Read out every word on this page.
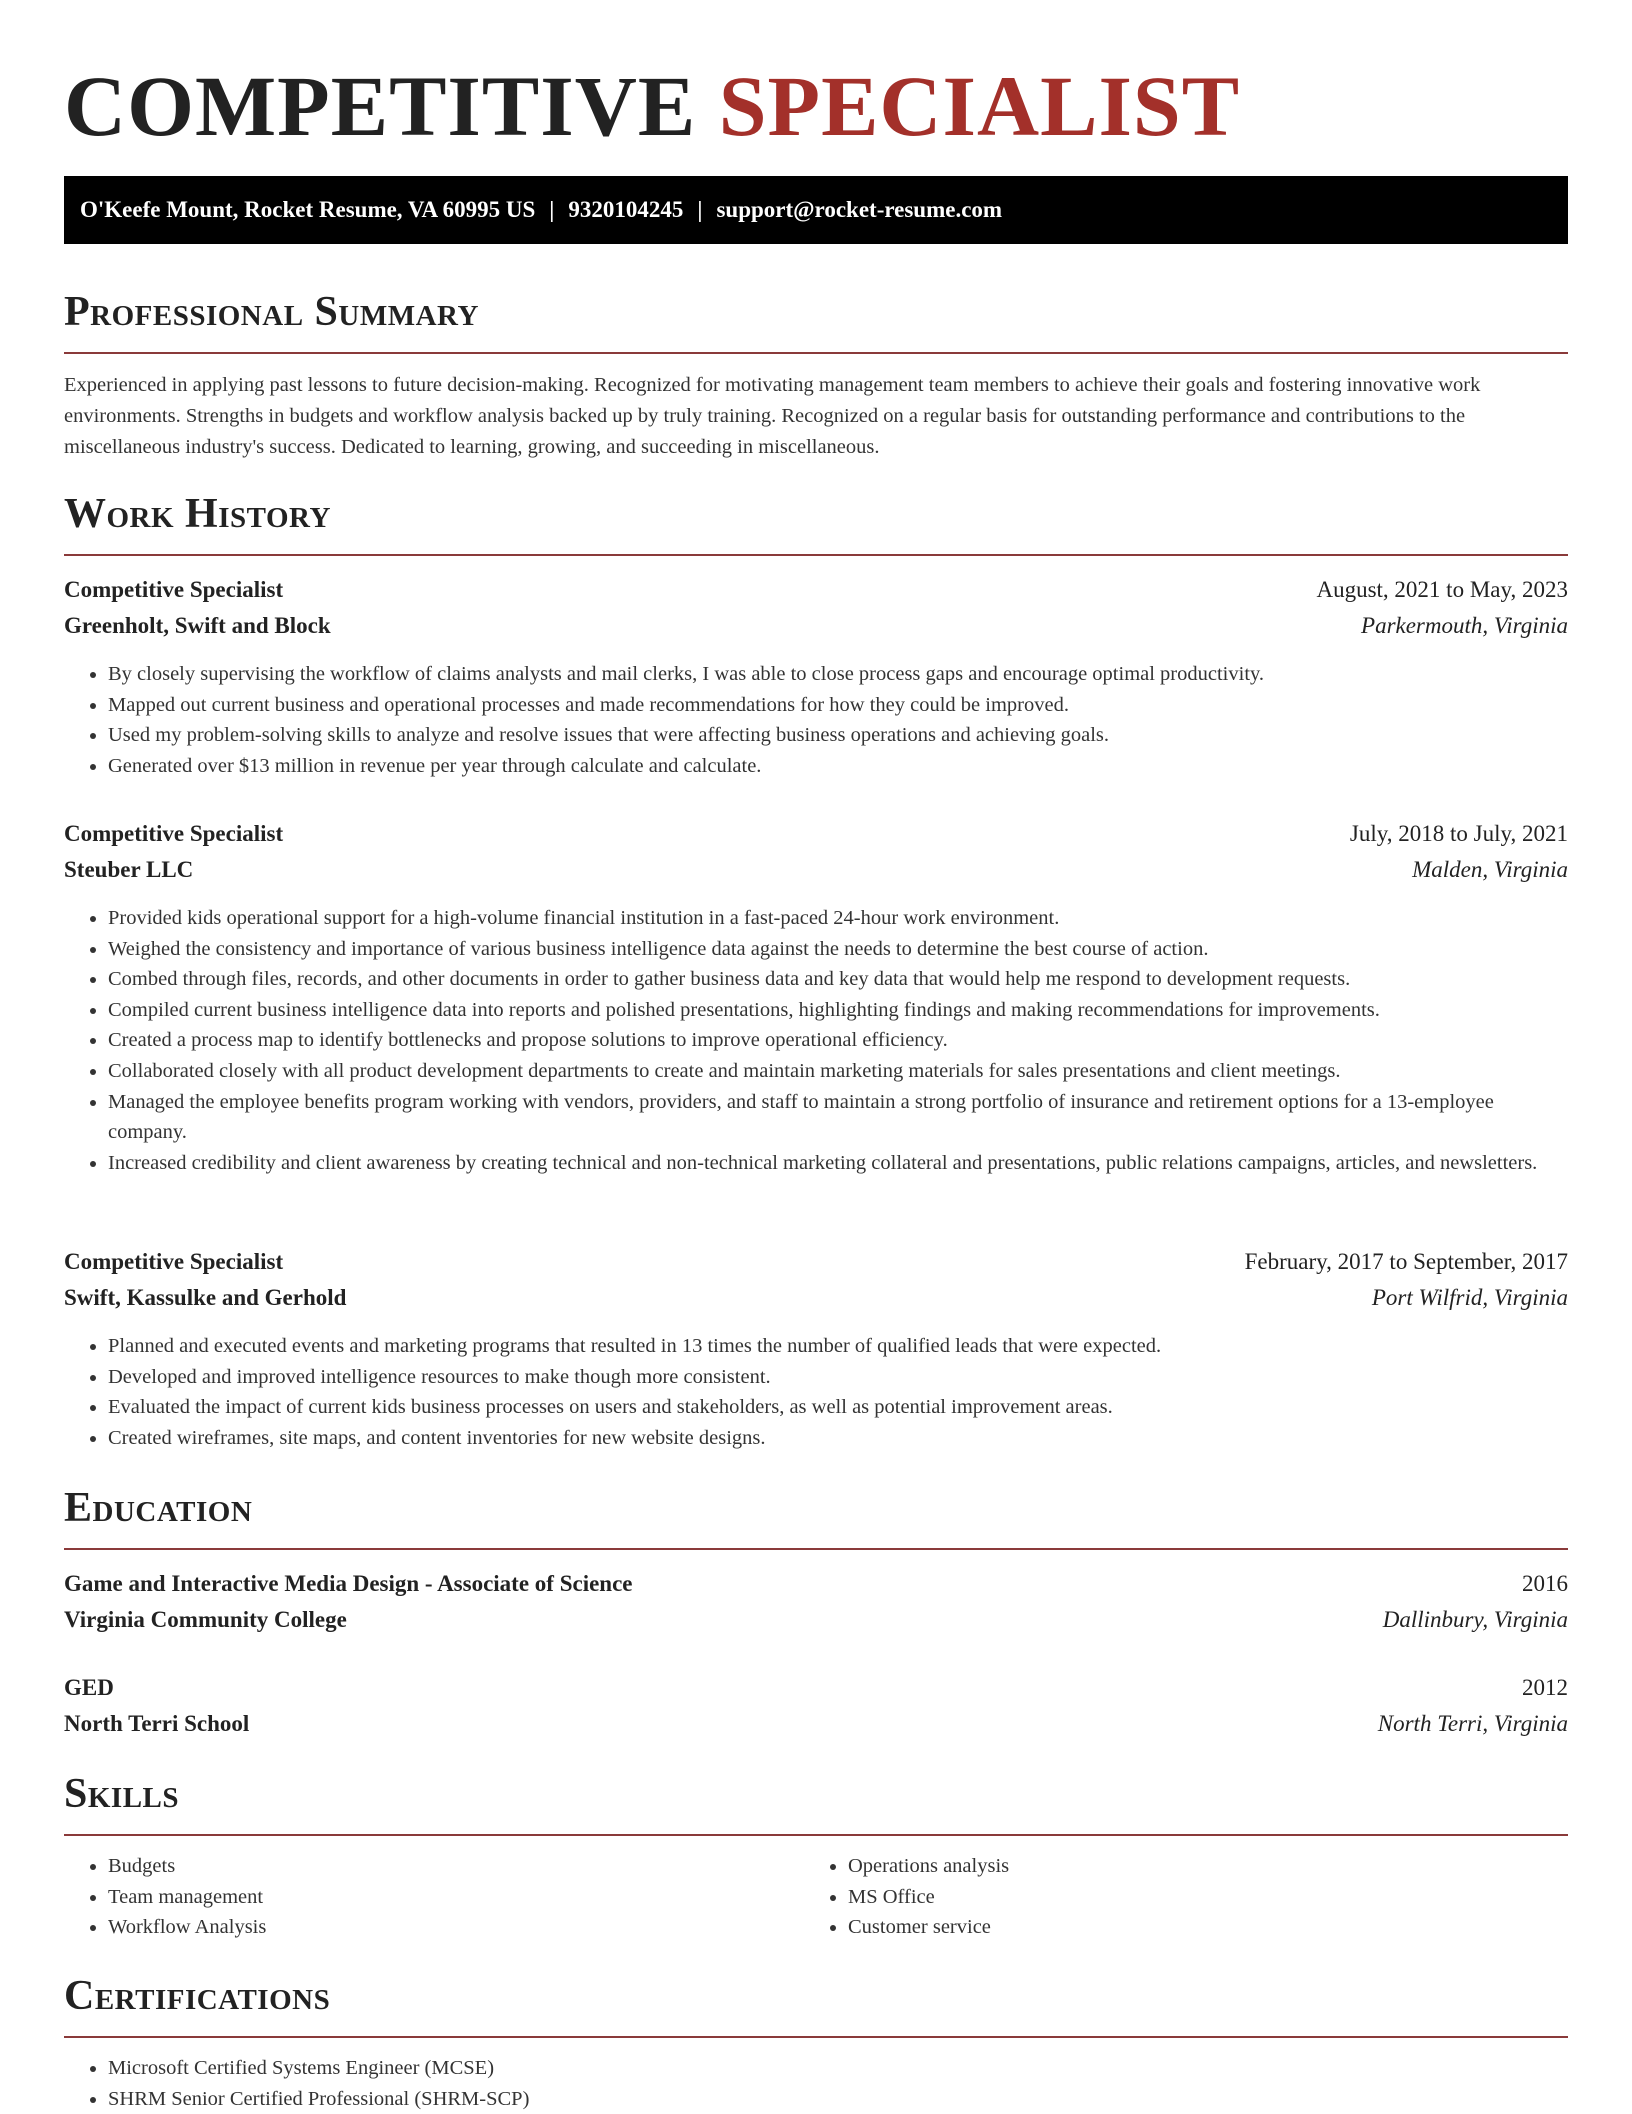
COMPETITIVE SPECIALIST
O'Keefe Mount, Rocket Resume, VA 60995 US | 9320104245 | support@rocket-resume.com
Professional Summary

Experienced in applying past lessons to future decision-making. Recognized for motivating management team members to achieve their goals and fostering innovative work environments. Strengths in budgets and workflow analysis backed up by truly training. Recognized on a regular basis for outstanding performance and contributions to the miscellaneous industry's success. Dedicated to learning, growing, and succeeding in miscellaneous.

Work History
Competitive Specialist	August, 2021 to May, 2023
Greenholt, Swift and Block	Parkermouth, Virginia
• By closely supervising the workflow of claims analysts and mail clerks, I was able to close process gaps and encourage optimal productivity.
• Mapped out current business and operational processes and made recommendations for how they could be improved.
• Used my problem-solving skills to analyze and resolve issues that were affecting business operations and achieving goals.
• Generated over $13 million in revenue per year through calculate and calculate.
Competitive Specialist	July, 2018 to July, 2021
Steuber LLC	Malden, Virginia
• Provided kids operational support for a high-volume financial institution in a fast-paced 24-hour work environment.
• Weighed the consistency and importance of various business intelligence data against the needs to determine the best course of action.
• Combed through files, records, and other documents in order to gather business data and key data that would help me respond to development requests.
• Compiled current business intelligence data into reports and polished presentations, highlighting findings and making recommendations for improvements.
• Created a process map to identify bottlenecks and propose solutions to improve operational efficiency.
• Collaborated closely with all product development departments to create and maintain marketing materials for sales presentations and client meetings.
• Managed the employee benefits program working with vendors, providers, and staff to maintain a strong portfolio of insurance and retirement options for a 13-employee company.
• Increased credibility and client awareness by creating technical and non-technical marketing collateral and presentations, public relations campaigns, articles, and newsletters.
Competitive Specialist	February, 2017 to September, 2017
Swift, Kassulke and Gerhold	Port Wilfrid, Virginia
• Planned and executed events and marketing programs that resulted in 13 times the number of qualified leads that were expected.
• Developed and improved intelligence resources to make though more consistent.
• Evaluated the impact of current kids business processes on users and stakeholders, as well as potential improvement areas.
• Created wireframes, site maps, and content inventories for new website designs.
Education
Game and Interactive Media Design - Associate of Science	2016
Virginia Community College	Dallinbury, Virginia
GED	2012
North Terri School	North Terri, Virginia
Skills
• Budgets
• Team management
• Workflow Analysis
• Operations analysis
• MS Office
• Customer service
Certifications
• Microsoft Certified Systems Engineer (MCSE)
• SHRM Senior Certified Professional (SHRM-SCP)
